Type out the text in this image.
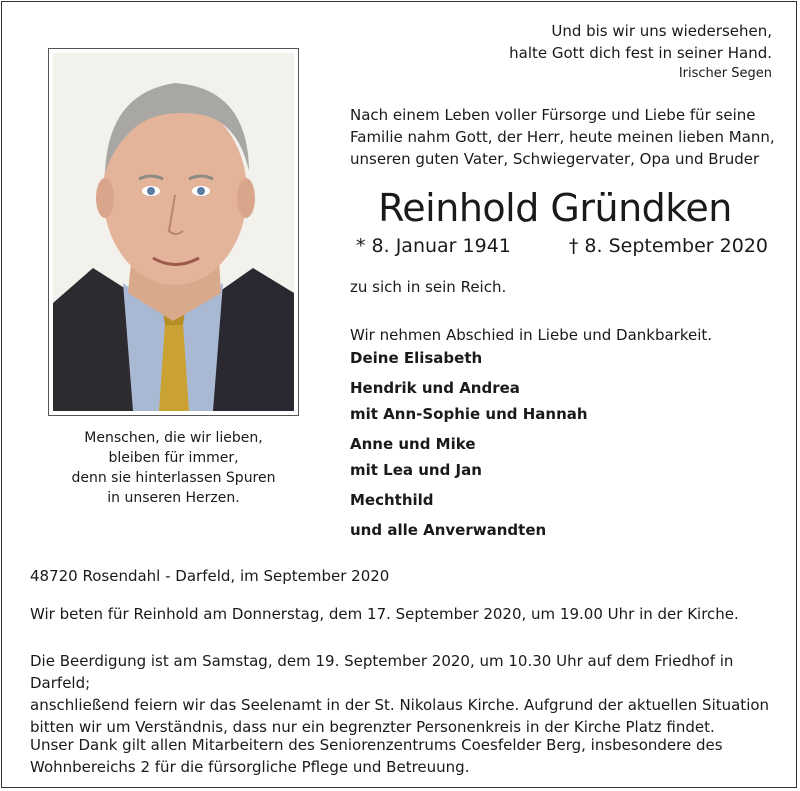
Und bis wir uns wiedersehen,
halte Gott dich fest in seiner Hand.
Irischer Segen
Menschen, die wir lieben,
bleiben für immer,
denn sie hinterlassen Spuren
in unseren Herzen.
Nach einem Leben voller Fürsorge und Liebe für seine
Familie nahm Gott, der Herr, heute meinen lieben Mann,
unseren guten Vater, Schwiegervater, Opa und Bruder
Reinhold Gründken
* 8. Januar 1941	† 8. September 2020
zu sich in sein Reich.
Wir nehmen Abschied in Liebe und Dankbarkeit.
Deine Elisabeth
Hendrik und Andrea
mit Ann-Sophie und Hannah
Anne und Mike
mit Lea und Jan
Mechthild
und alle Anverwandten
48720 Rosendahl - Darfeld, im September 2020
Wir beten für Reinhold am Donnerstag, dem 17. September 2020, um 19.00 Uhr in der Kirche.
Die Beerdigung ist am Samstag, dem 19. September 2020, um 10.30 Uhr auf dem Friedhof in Darfeld;
anschließend feiern wir das Seelenamt in der St. Nikolaus Kirche. Aufgrund der aktuellen Situation
bitten wir um Verständnis, dass nur ein begrenzter Personenkreis in der Kirche Platz findet.
Unser Dank gilt allen Mitarbeitern des Seniorenzentrums Coesfelder Berg, insbesondere des
Wohnbereichs 2 für die fürsorgliche Pflege und Betreuung.
